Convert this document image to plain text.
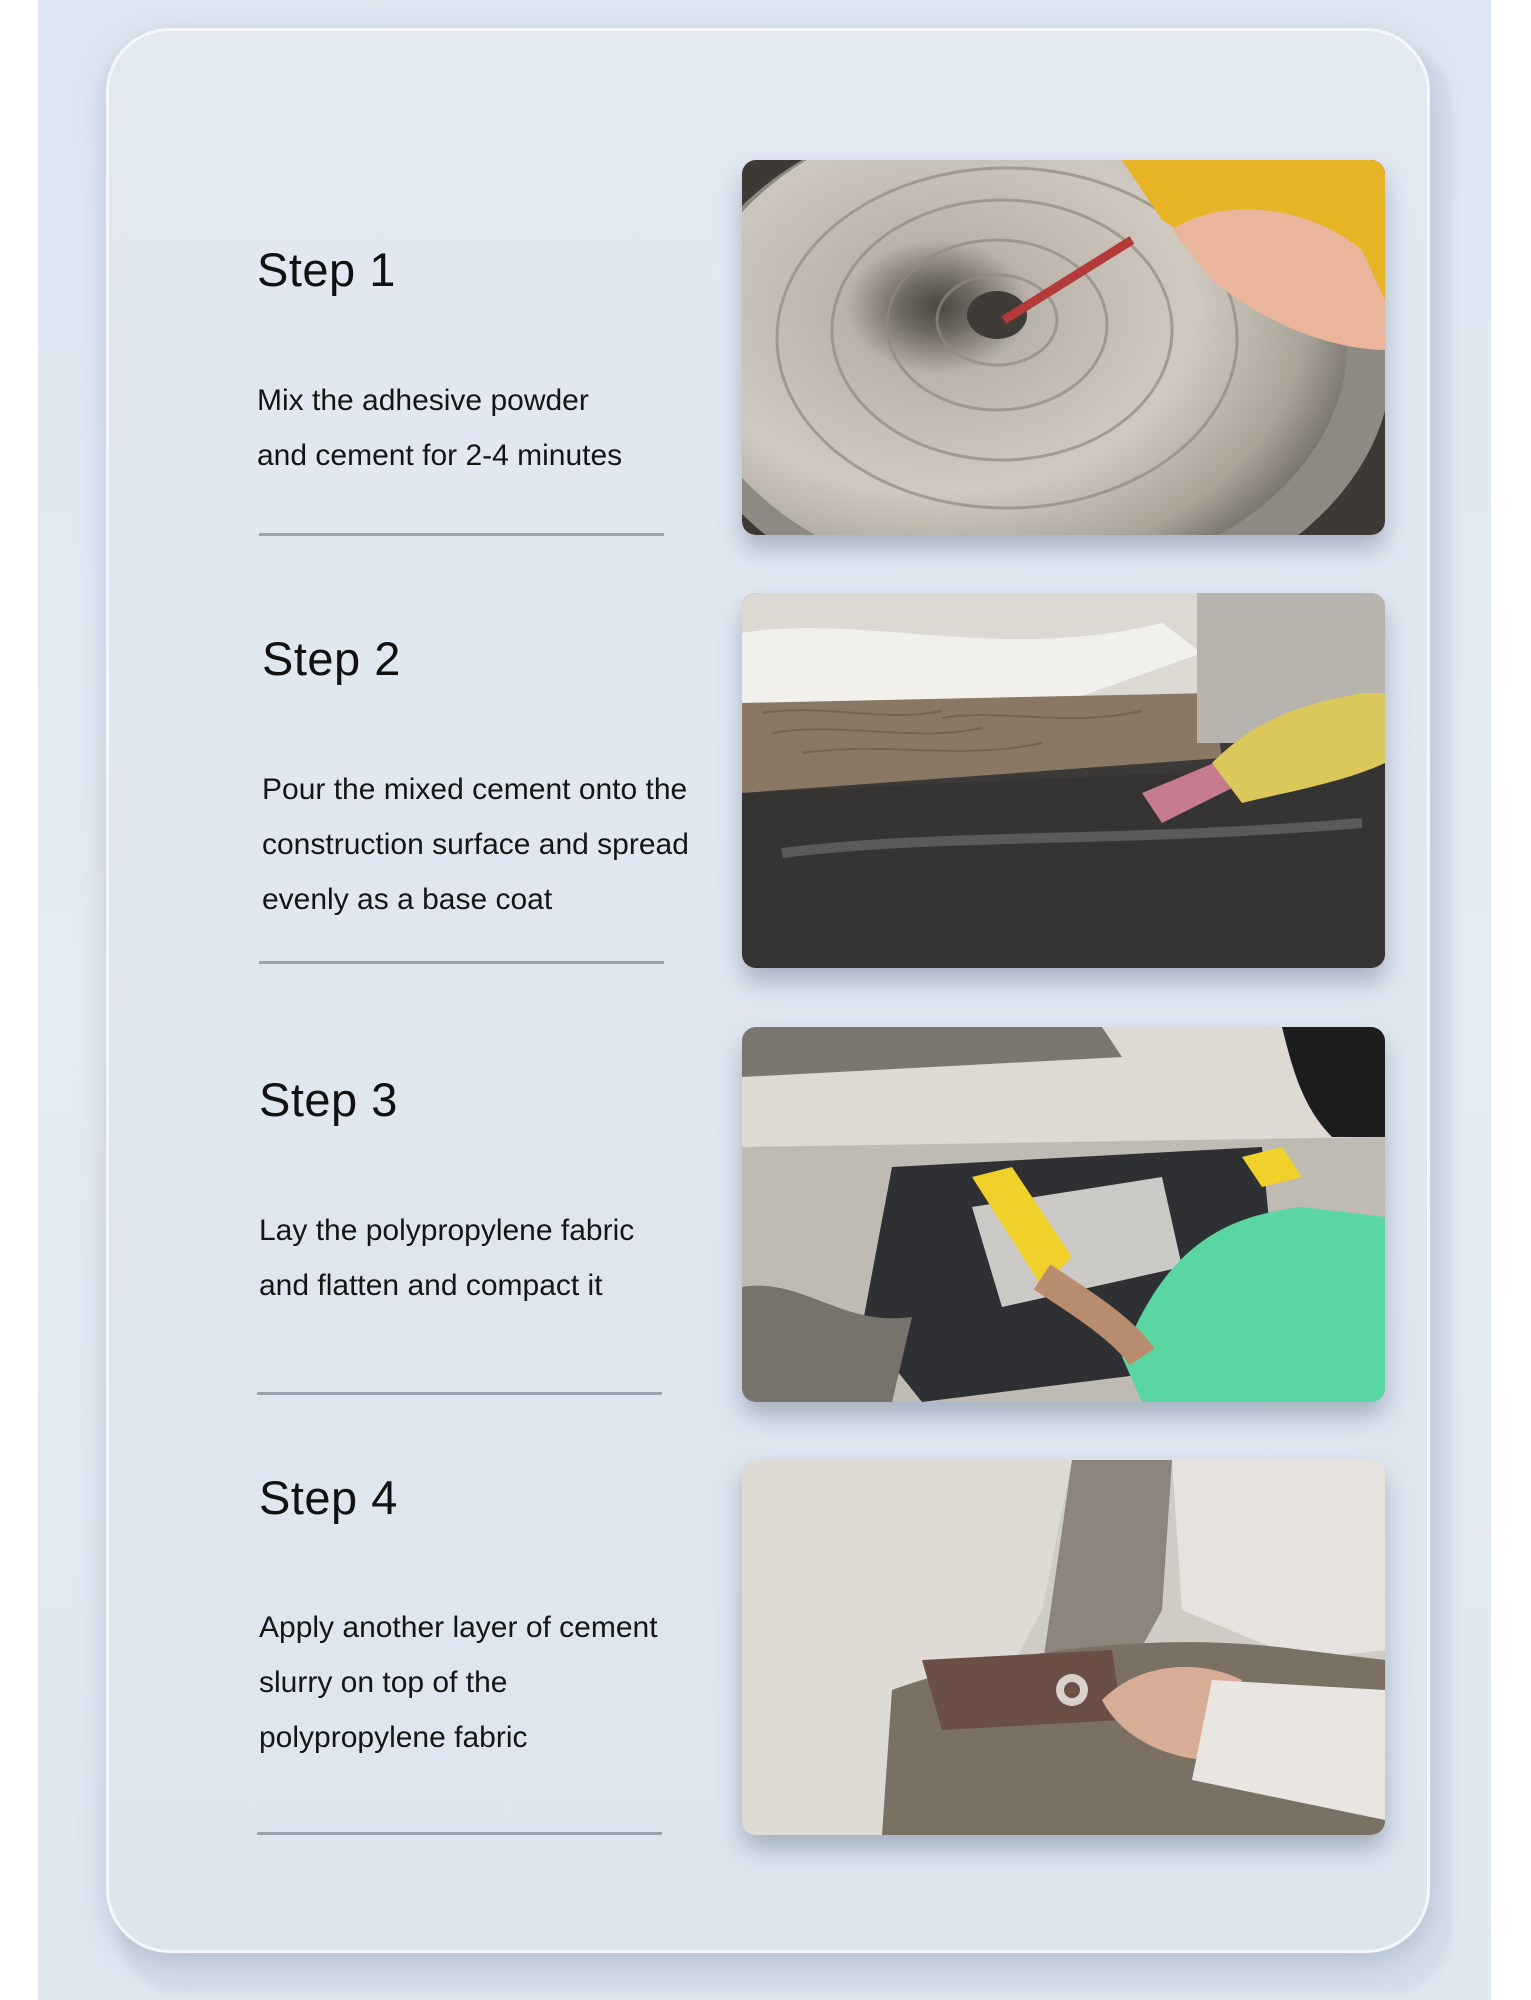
Step 1
Mix the adhesive powder
and cement for 2-4 minutes
Step 2
Pour the mixed cement onto the
construction surface and spread
evenly as a base coat
Step 3
Lay the polypropylene fabric
and flatten and compact it
Step 4
Apply another layer of cement
slurry on top of the
polypropylene fabric
